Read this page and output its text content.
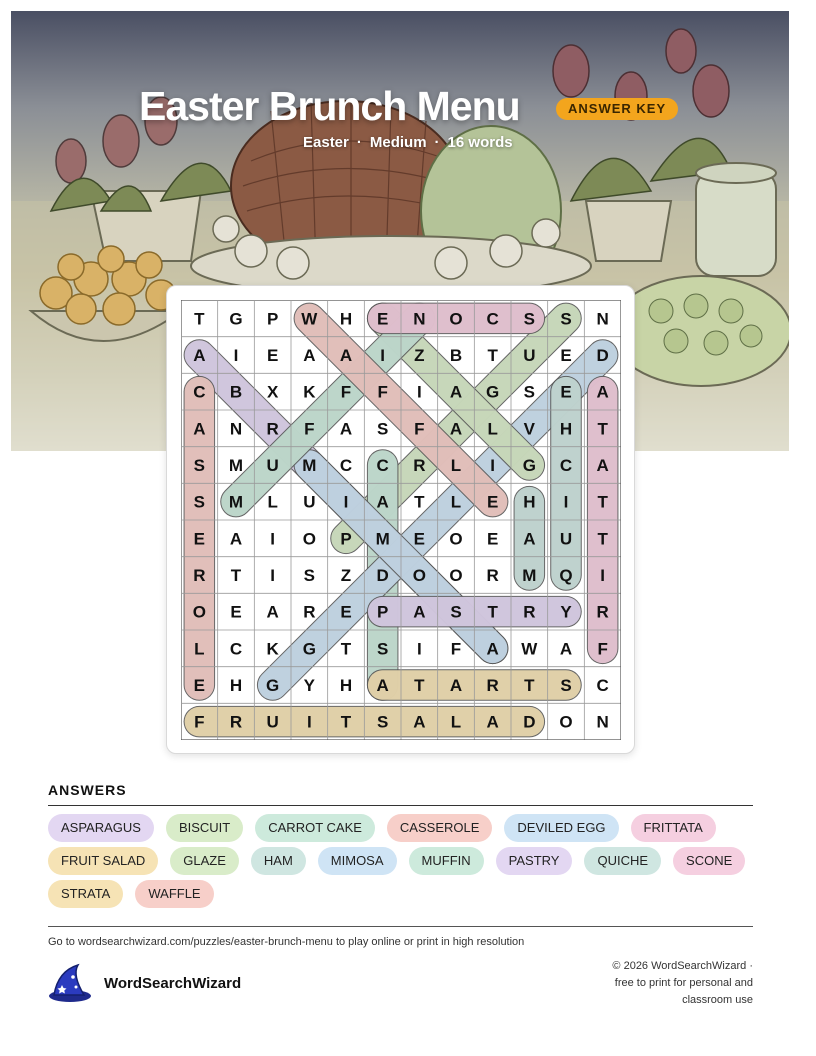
Easter Brunch Menu	ANSWER KEY
Easter · Medium · 16 words
T G P W H E N O C S S N
A I E A A I Z B T U E D
C B X K F F I A G S E A
A N R F A S F A L V H T
S M U M C C R L I G C A
S M L U I A T L E H I T
E A I O P M E O E A U T
R T I S Z D O O R M Q I
O E A R E P A S T R Y R
L C K G T S I F A W A F
E H G Y H A T A R T S C
F R U I T S A L A D O N
ANSWERS
ASPARAGUS	BISCUIT	CARROT CAKE	CASSEROLE	DEVILED EGG	FRITTATA
FRUIT SALAD	GLAZE	HAM	MIMOSA	MUFFIN	PASTRY	QUICHE	SCONE
STRATA	WAFFLE
Go to wordsearchwizard.com/puzzles/easter-brunch-menu to play online or print in high resolution
WordSearchWizard
© 2026 WordSearchWizard ·
free to print for personal and
classroom use
